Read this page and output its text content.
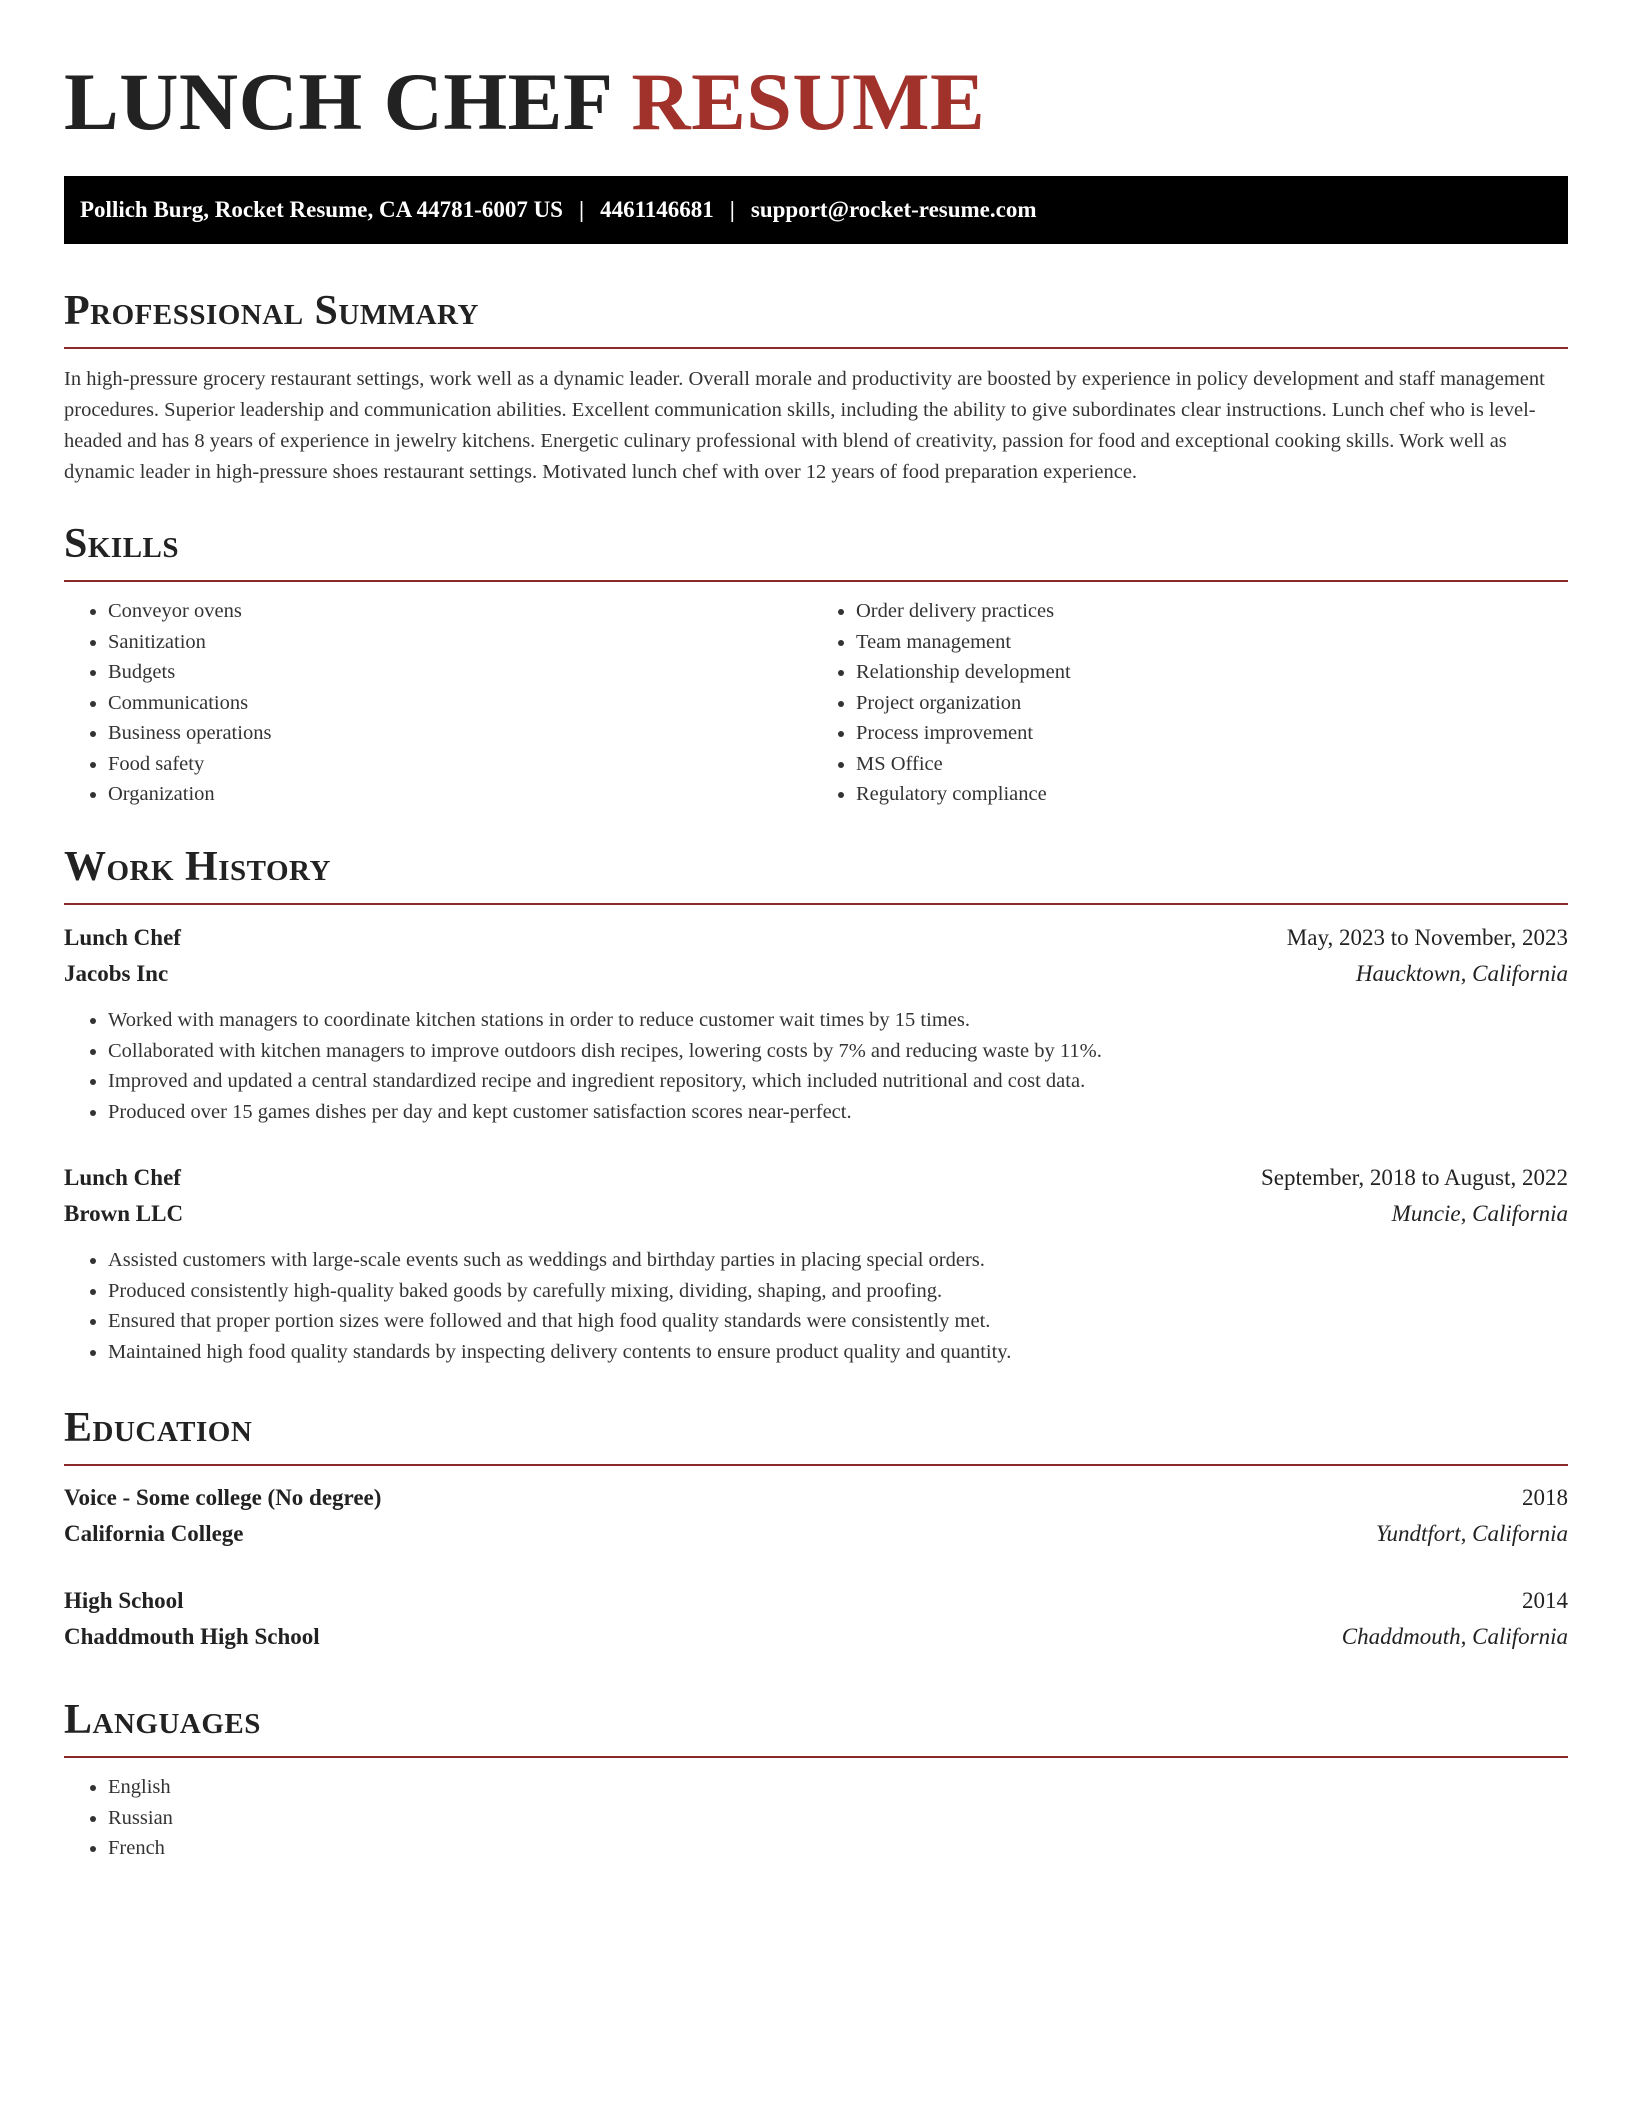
LUNCH CHEF RESUME
Pollich Burg, Rocket Resume, CA 44781-6007 US | 4461146681 | support@rocket-resume.com
Professional Summary

In high-pressure grocery restaurant settings, work well as a dynamic leader. Overall morale and productivity are boosted by experience in policy development and staff management procedures. Superior leadership and communication abilities. Excellent communication skills, including the ability to give subordinates clear instructions. Lunch chef who is level-headed and has 8 years of experience in jewelry kitchens. Energetic culinary professional with blend of creativity, passion for food and exceptional cooking skills. Work well as dynamic leader in high-pressure shoes restaurant settings. Motivated lunch chef with over 12 years of food preparation experience.

Skills
• Conveyor ovens
• Sanitization
• Budgets
• Communications
• Business operations
• Food safety
• Organization
• Order delivery practices
• Team management
• Relationship development
• Project organization
• Process improvement
• MS Office
• Regulatory compliance
Work History
Lunch Chef	May, 2023 to November, 2023
Jacobs Inc	Haucktown, California
• Worked with managers to coordinate kitchen stations in order to reduce customer wait times by 15 times.
• Collaborated with kitchen managers to improve outdoors dish recipes, lowering costs by 7% and reducing waste by 11%.
• Improved and updated a central standardized recipe and ingredient repository, which included nutritional and cost data.
• Produced over 15 games dishes per day and kept customer satisfaction scores near-perfect.
Lunch Chef	September, 2018 to August, 2022
Brown LLC	Muncie, California
• Assisted customers with large-scale events such as weddings and birthday parties in placing special orders.
• Produced consistently high-quality baked goods by carefully mixing, dividing, shaping, and proofing.
• Ensured that proper portion sizes were followed and that high food quality standards were consistently met.
• Maintained high food quality standards by inspecting delivery contents to ensure product quality and quantity.
Education
Voice - Some college (No degree)	2018
California College	Yundtfort, California
High School	2014
Chaddmouth High School	Chaddmouth, California
Languages
• English
• Russian
• French
